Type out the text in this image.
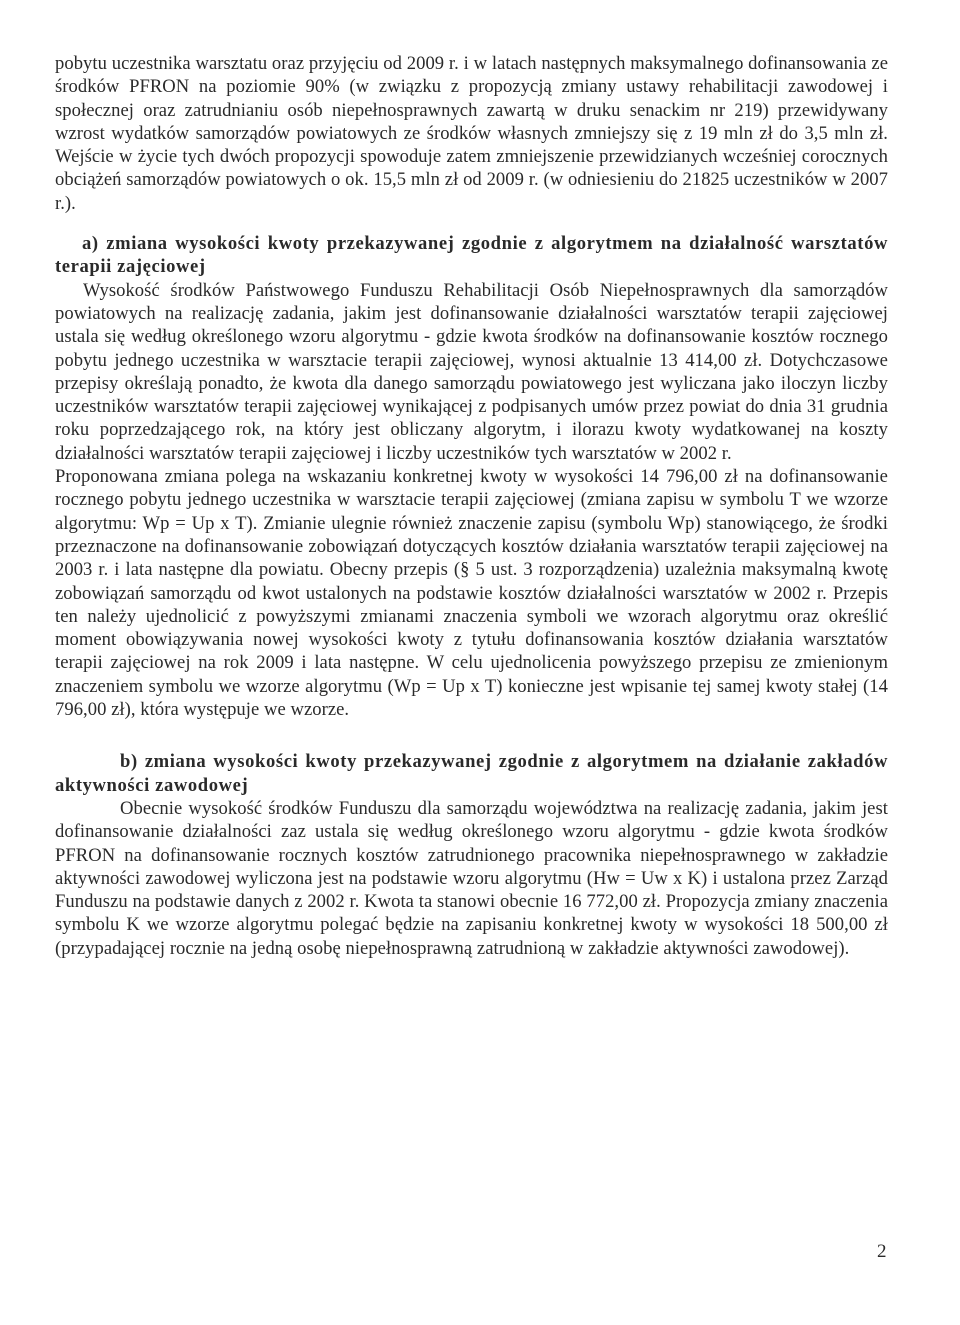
pobytu uczestnika warsztatu oraz przyjęciu od 2009 r. i w latach następnych maksymalnego dofinansowania ze środków PFRON na poziomie 90% (w związku z propozycją zmiany ustawy rehabilitacji zawodowej i społecznej oraz zatrudnianiu osób niepełnosprawnych zawartą w druku senackim nr 219) przewidywany wzrost wydatków samorządów powiatowych ze środków własnych zmniejszy się z 19 mln zł do 3,5 mln zł. Wejście w życie tych dwóch propozycji spowoduje zatem zmniejszenie przewidzianych wcześniej corocznych obciążeń samorządów powiatowych o ok. 15,5 mln zł od 2009 r. (w odniesieniu do 21825 uczestników w 2007 r.).

a) zmiana wysokości kwoty przekazywanej zgodnie z algorytmem na działalność warsztatów terapii zajęciowej

Wysokość środków Państwowego Funduszu Rehabilitacji Osób Niepełnosprawnych dla samorządów powiatowych na realizację zadania, jakim jest dofinansowanie działalności warsztatów terapii zajęciowej ustala się według określonego wzoru algorytmu - gdzie kwota środków na dofinansowanie kosztów rocznego pobytu jednego uczestnika w warsztacie terapii zajęciowej, wynosi aktualnie 13 414,00 zł. Dotychczasowe przepisy określają ponadto, że kwota dla danego samorządu powiatowego jest wyliczana jako iloczyn liczby uczestników warsztatów terapii zajęciowej wynikającej z podpisanych umów przez powiat do dnia 31 grudnia roku poprzedzającego rok, na który jest obliczany algorytm, i ilorazu kwoty wydatkowanej na koszty działalności warsztatów terapii zajęciowej i liczby uczestników tych warsztatów w 2002 r.

Proponowana zmiana polega na wskazaniu konkretnej kwoty w wysokości 14 796,00 zł na dofinansowanie rocznego pobytu jednego uczestnika w warsztacie terapii zajęciowej (zmiana zapisu w symbolu T we wzorze algorytmu: Wp = Up x T). Zmianie ulegnie również znaczenie zapisu (symbolu Wp) stanowiącego, że środki przeznaczone na dofinansowanie zobowiązań dotyczących kosztów działania warsztatów terapii zajęciowej na 2003 r. i lata następne dla powiatu. Obecny przepis (§ 5 ust. 3 rozporządzenia) uzależnia maksymalną kwotę zobowiązań samorządu od kwot ustalonych na podstawie kosztów działalności warsztatów w 2002 r. Przepis ten należy ujednolicić z powyższymi zmianami znaczenia symboli we wzorach algorytmu oraz określić moment obowiązywania nowej wysokości kwoty z tytułu dofinansowania kosztów działania warsztatów terapii zajęciowej na rok 2009 i lata następne. W celu ujednolicenia powyższego przepisu ze zmienionym znaczeniem symbolu we wzorze algorytmu (Wp = Up x T) konieczne jest wpisanie tej samej kwoty stałej (14 796,00 zł), która występuje we wzorze.

b) zmiana wysokości kwoty przekazywanej zgodnie z algorytmem na działanie zakładów aktywności zawodowej

Obecnie wysokość środków Funduszu dla samorządu województwa na realizację zadania, jakim jest dofinansowanie działalności zaz ustala się według określonego wzoru algorytmu - gdzie kwota środków PFRON na dofinansowanie rocznych kosztów zatrudnionego pracownika niepełnosprawnego w zakładzie aktywności zawodowej wyliczona jest na podstawie wzoru algorytmu (Hw = Uw x K) i ustalona przez Zarząd Funduszu na podstawie danych z 2002 r. Kwota ta stanowi obecnie 16 772,00 zł. Propozycja zmiany znaczenia symbolu K we wzorze algorytmu polegać będzie na zapisaniu konkretnej kwoty w wysokości 18 500,00 zł (przypadającej rocznie na jedną osobę niepełnosprawną zatrudnioną w zakładzie aktywności zawodowej).

2
